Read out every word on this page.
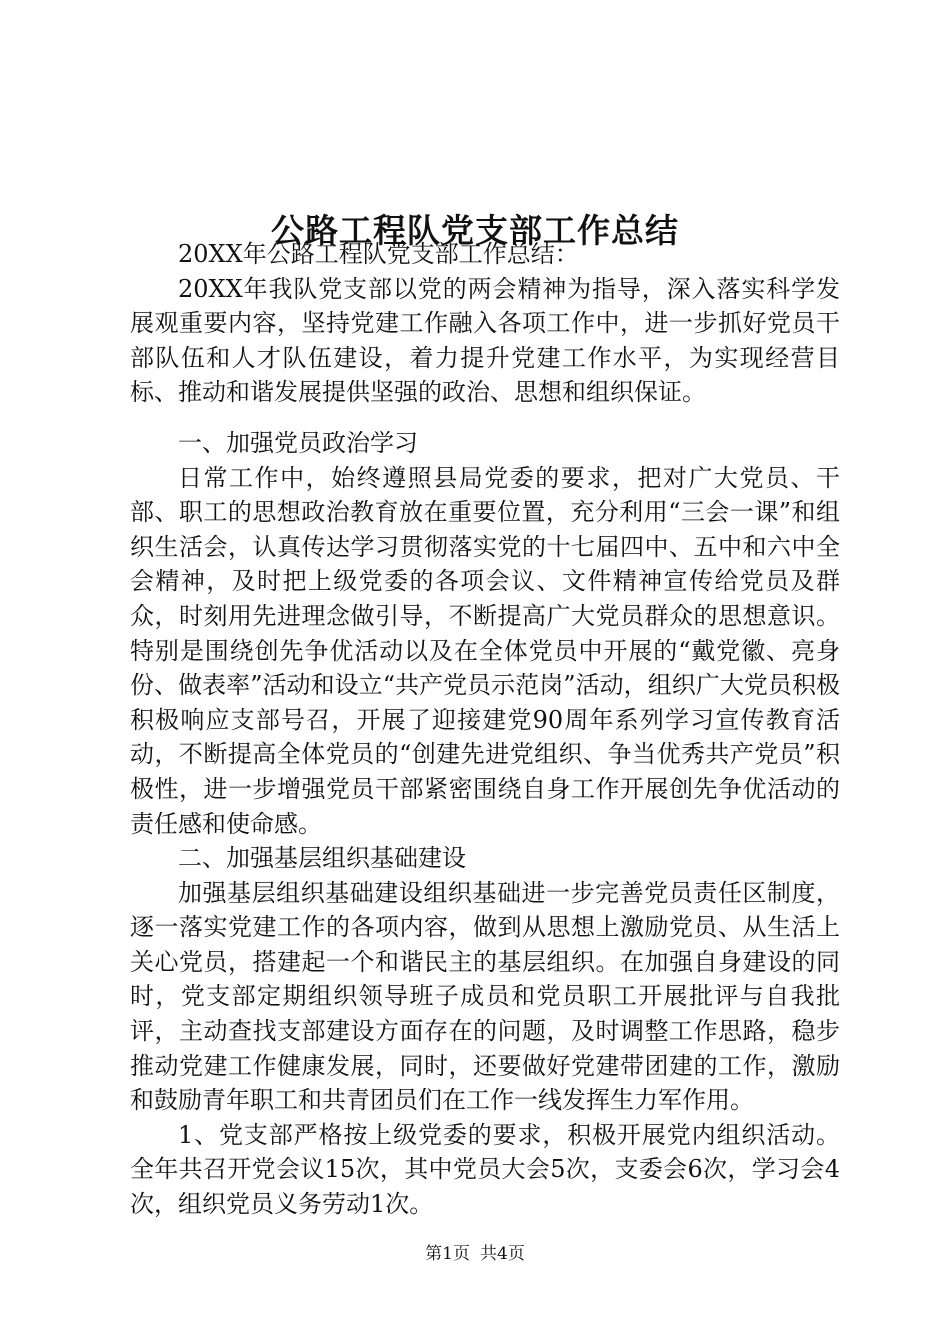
公路工程队党支部工作总结

20XX年公路工程队党支部工作总结：

20XX年我队党支部以党的两会精神为指导，深入落实科学发展观重要内容，坚持党建工作融入各项工作中，进一步抓好党员干部队伍和人才队伍建设，着力提升党建工作水平，为实现经营目标、推动和谐发展提供坚强的政治、思想和组织保证。

一、加强党员政治学习

日常工作中，始终遵照县局党委的要求，把对广大党员、干部、职工的思想政治教育放在重要位置，充分利用“三会一课”和组织生活会，认真传达学习贯彻落实党的十七届四中、五中和六中全会精神，及时把上级党委的各项会议、文件精神宣传给党员及群众，时刻用先进理念做引导，不断提高广大党员群众的思想意识。特别是围绕创先争优活动以及在全体党员中开展的“戴党徽、亮身份、做表率”活动和设立“共产党员示范岗”活动，组织广大党员积极积极响应支部号召，开展了迎接建党90周年系列学习宣传教育活动，不断提高全体党员的“创建先进党组织、争当优秀共产党员”积极性，进一步增强党员干部紧密围绕自身工作开展创先争优活动的责任感和使命感。

二、加强基层组织基础建设

加强基层组织基础建设组织基础进一步完善党员责任区制度，逐一落实党建工作的各项内容，做到从思想上激励党员、从生活上关心党员，搭建起一个和谐民主的基层组织。在加强自身建设的同时，党支部定期组织领导班子成员和党员职工开展批评与自我批评，主动查找支部建设方面存在的问题，及时调整工作思路，稳步推动党建工作健康发展，同时，还要做好党建带团建的工作，激励和鼓励青年职工和共青团员们在工作一线发挥生力军作用。

1、党支部严格按上级党委的要求，积极开展党内组织活动。全年共召开党会议15次，其中党员大会5次，支委会6次，学习会4次，组织党员义务劳动1次。

第1页 共4页
